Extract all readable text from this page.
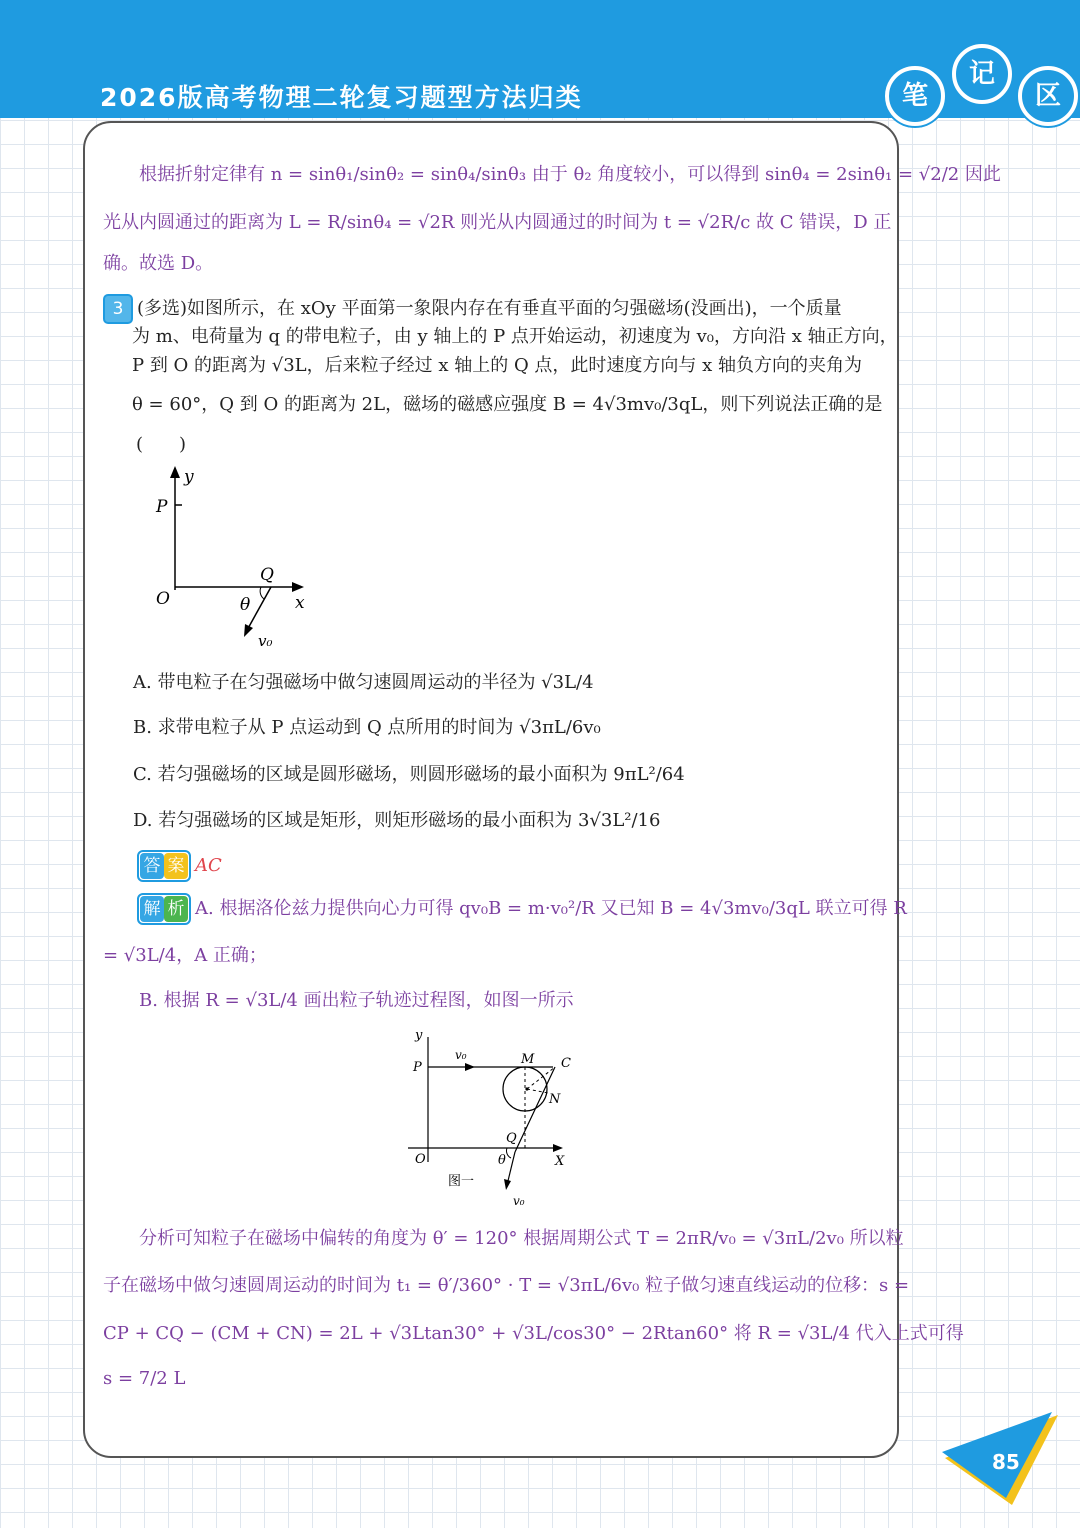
2026版高考物理二轮复习题型方法归类	笔
记
区
根据折射定律有 n = sinθ₁/sinθ₂ = sinθ₄/sinθ₃ 由于 θ₂ 角度较小，可以得到 sinθ₄ = 2sinθ₁ = √2/2 因此
光从内圆通过的距离为 L = R/sinθ₄ = √2R 则光从内圆通过的时间为 t = √2R/c 故 C 错误，D 正
确。故选 D。
3 (多选)如图所示，在 xOy 平面第一象限内存在有垂直平面的匀强磁场(没画出)，一个质量
为 m、电荷量为 q 的带电粒子，由 y 轴上的 P 点开始运动，初速度为 v₀，方向沿 x 轴正方向，
P 到 O 的距离为 √3L，后来粒子经过 x 轴上的 Q 点，此时速度方向与 x 轴负方向的夹角为
θ = 60°，Q 到 O 的距离为 2L，磁场的磁感应强度 B = 4√3mv₀/3qL，则下列说法正确的是
(　　)
y
P
O
Q
θ	x
v₀
A. 带电粒子在匀强磁场中做匀速圆周运动的半径为 √3L/4
B. 求带电粒子从 P 点运动到 Q 点所用的时间为 √3πL/6v₀
C. 若匀强磁场的区域是圆形磁场，则圆形磁场的最小面积为 9πL²/64
D. 若匀强磁场的区域是矩形，则矩形磁场的最小面积为 3√3L²/16
答 案 AC
解 析 A. 根据洛伦兹力提供向心力可得 qv₀B = m·v₀²/R 又已知 B = 4√3mv₀/3qL 联立可得 R
= √3L/4，A 正确；
B. 根据 R = √3L/4 画出粒子轨迹过程图，如图一所示
y
P
v₀	M C
N
Q
O	θ	X
v₀
图一
分析可知粒子在磁场中偏转的角度为 θ′ = 120° 根据周期公式 T = 2πR/v₀ = √3πL/2v₀ 所以粒
子在磁场中做匀速圆周运动的时间为 t₁ = θ′/360° · T = √3πL/6v₀ 粒子做匀速直线运动的位移：s =
CP + CQ − (CM + CN) = 2L + √3Ltan30° + √3L/cos30° − 2Rtan60° 将 R = √3L/4 代入上式可得
s = 7/2 L
85
